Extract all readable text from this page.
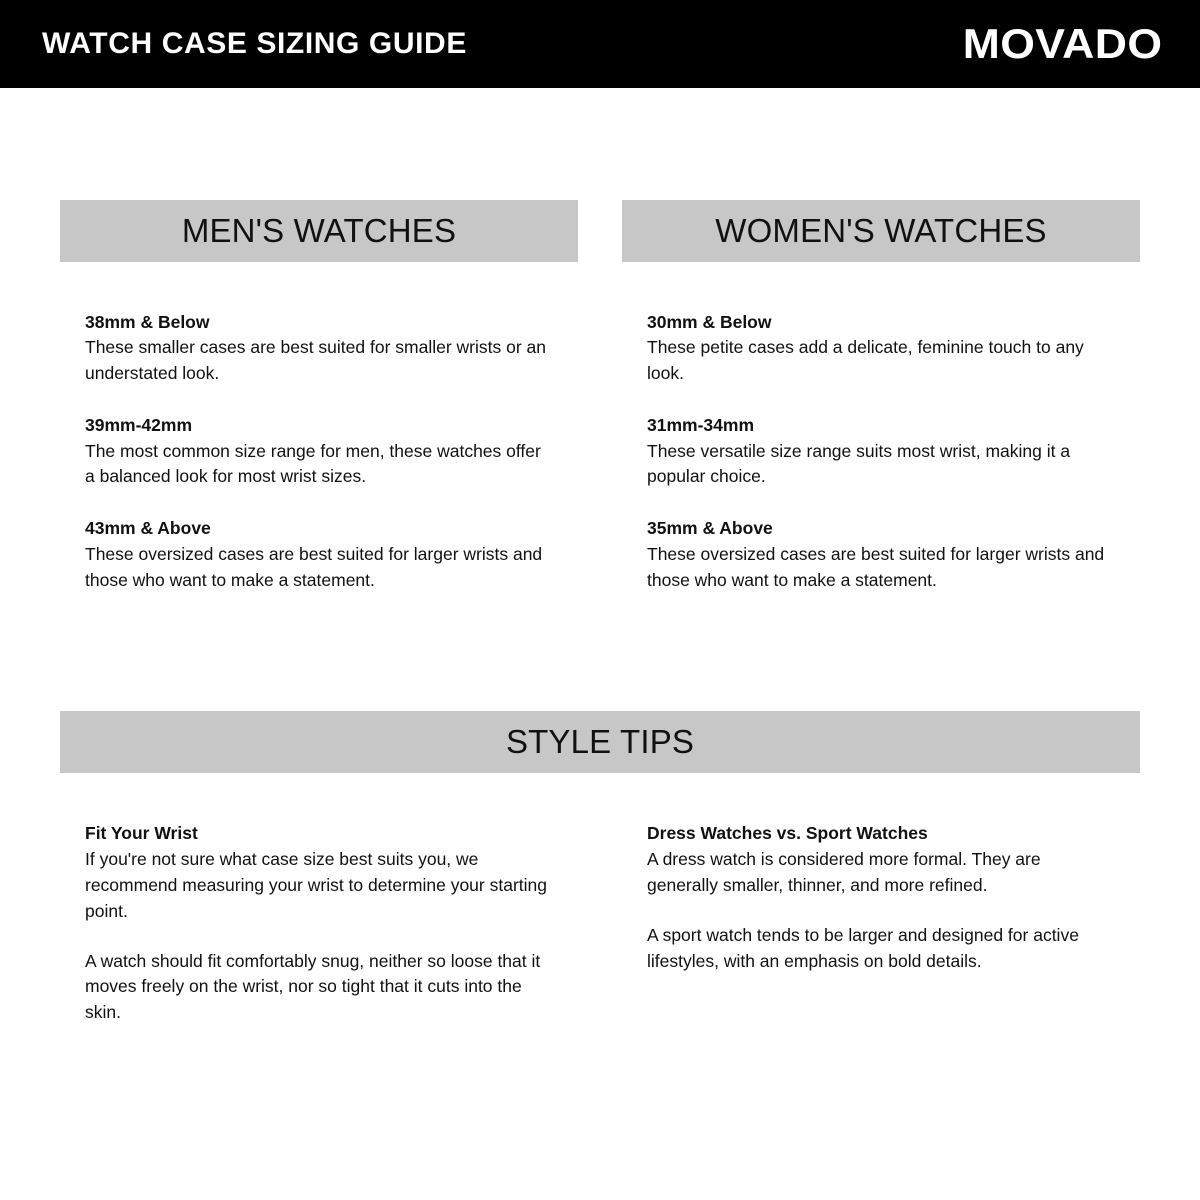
WATCH CASE SIZING GUIDE	MOVADO
MEN'S WATCHES
38mm & Below
These smaller cases are best suited for smaller wrists or an understated look.
39mm-42mm
The most common size range for men, these watches offer a balanced look for most wrist sizes.
43mm & Above
These oversized cases are best suited for larger wrists and those who want to make a statement.
WOMEN'S WATCHES
30mm & Below
These petite cases add a delicate, feminine touch to any look.
31mm-34mm
These versatile size range suits most wrist, making it a popular choice.
35mm & Above
These oversized cases are best suited for larger wrists and those who want to make a statement.
STYLE TIPS
Fit Your Wrist
If you're not sure what case size best suits you, we recommend measuring your wrist to determine your starting point.
A watch should fit comfortably snug, neither so loose that it moves freely on the wrist, nor so tight that it cuts into the skin.
Dress Watches vs. Sport Watches
A dress watch is considered more formal. They are generally smaller, thinner, and more refined.
A sport watch tends to be larger and designed for active lifestyles, with an emphasis on bold details.
